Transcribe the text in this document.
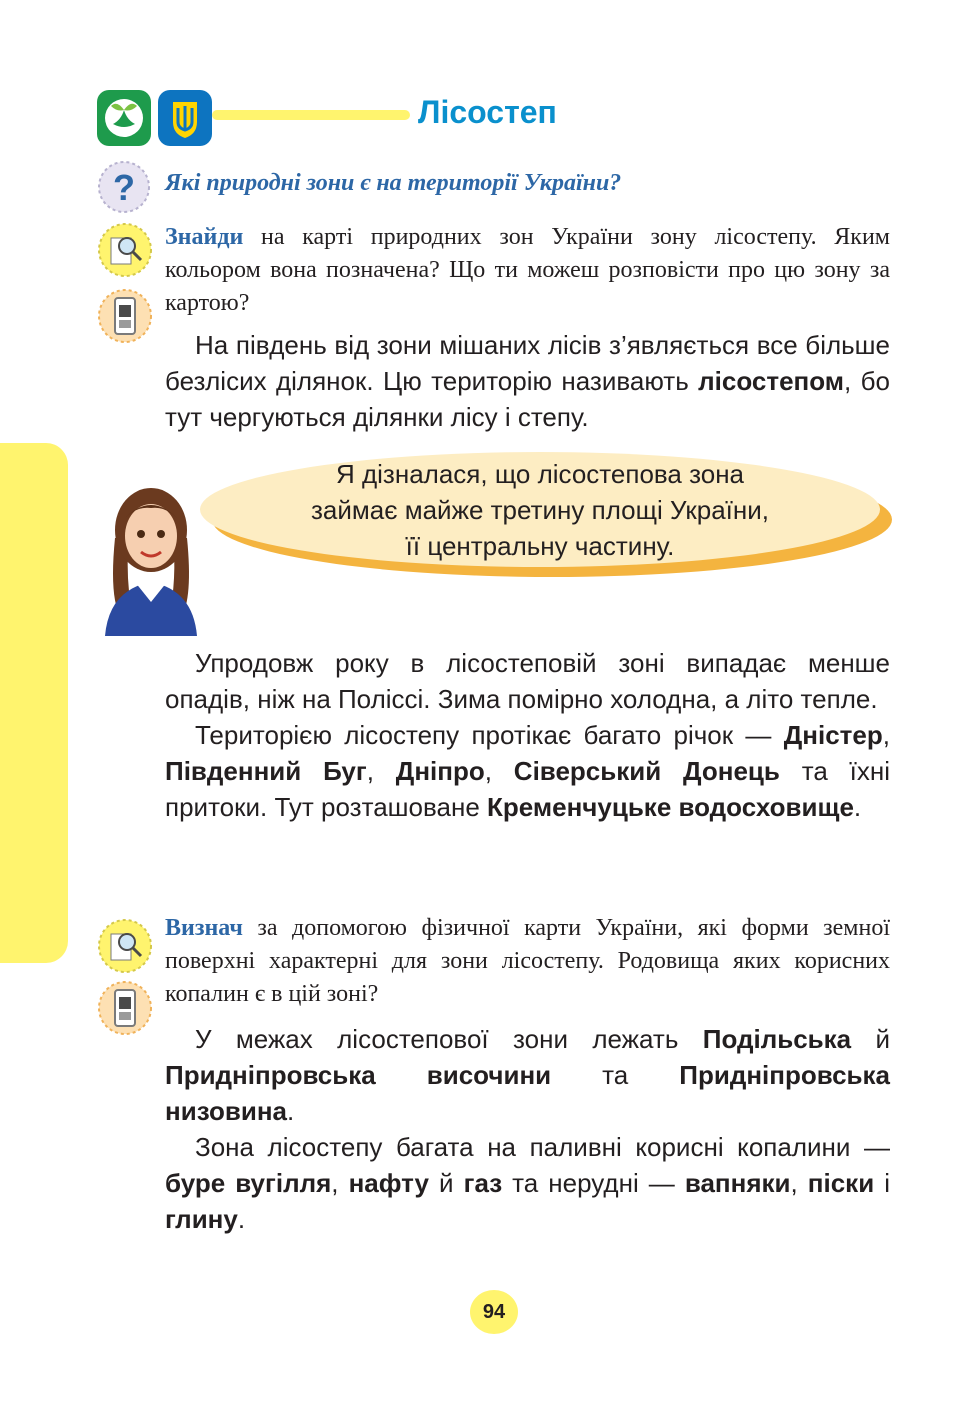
Лісостеп
? Які природні зони є на території України?
Знайди на карті природних зон України зону лісостепу. Яким кольором вона позначена? Що ти можеш розповісти про цю зону за картою?

На південь від зони мішаних лісів з’являється все більше безлісих ділянок. Цю територію називають лісостепом, бо тут чергуються ділянки лісу і степу.

Я дізналася, що лісостепова зона
займає майже третину площі України,
її центральну частину.

Упродовж року в лісостеповій зоні випадає менше опадів, ніж на Поліссі. Зима помірно холодна, а літо тепле.

Територією лісостепу протікає багато річок — Дністер, Південний Буг, Дніпро, Сіверський Донець та їхні притоки. Тут розташоване Кременчуцьке водосховище.

Визнач за допомогою фізичної карти України, які форми земної поверхні характерні для зони лісостепу. Родовища яких корисних копалин є в цій зоні?

У межах лісостепової зони лежать Подільська й Придніпровська височини та Придніпровська низовина.

Зона лісостепу багата на паливні корисні копалини — буре вугілля, нафту й газ та нерудні — вапняки, піски і глину.

94
